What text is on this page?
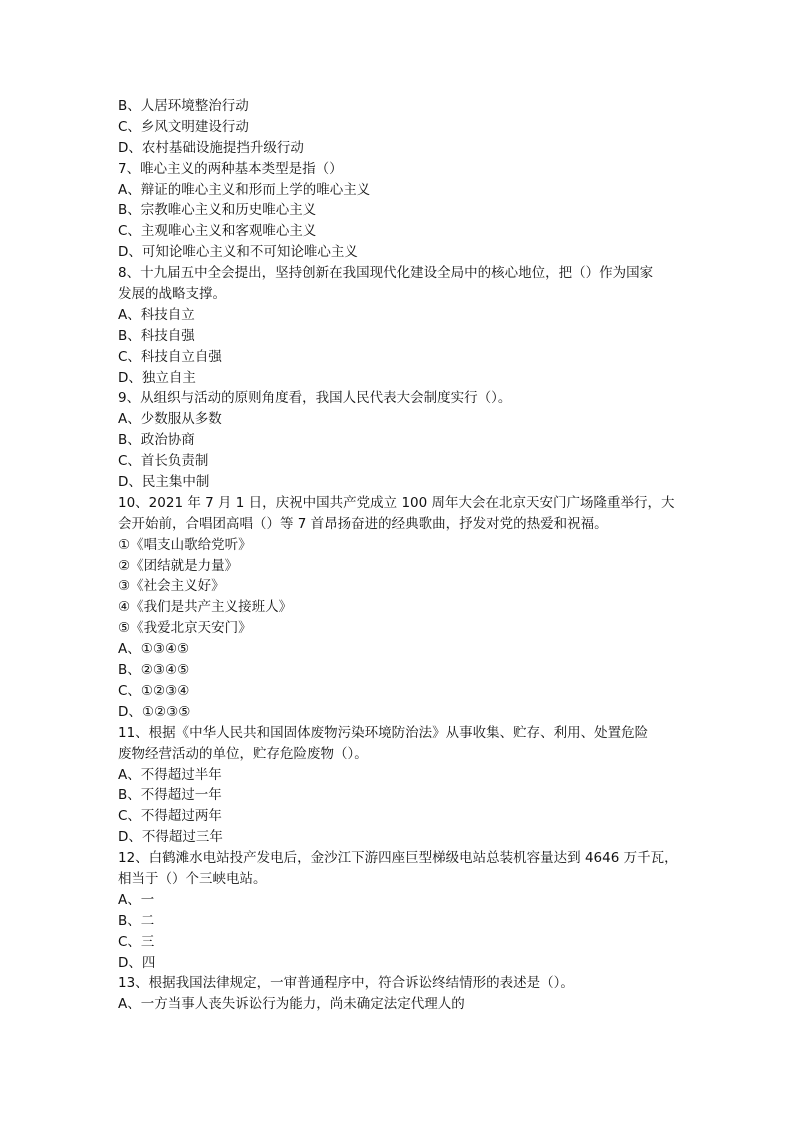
B、人居环境整治行动
C、乡风文明建设行动
D、农村基础设施提挡升级行动
7、唯心主义的两种基本类型是指（）
A、辩证的唯心主义和形而上学的唯心主义
B、宗教唯心主义和历史唯心主义
C、主观唯心主义和客观唯心主义
D、可知论唯心主义和不可知论唯心主义
8、十九届五中全会提出，坚持创新在我国现代化建设全局中的核心地位，把（）作为国家
发展的战略支撑。
A、科技自立
B、科技自强
C、科技自立自强
D、独立自主
9、从组织与活动的原则角度看，我国人民代表大会制度实行（）。
A、少数服从多数
B、政治协商
C、首长负责制
D、民主集中制
10、2021 年 7 月 1 日，庆祝中国共产党成立 100 周年大会在北京天安门广场隆重举行，大
会开始前，合唱团高唱（）等 7 首昂扬奋进的经典歌曲，抒发对党的热爱和祝福。
①《唱支山歌给党听》
②《团结就是力量》
③《社会主义好》
④《我们是共产主义接班人》
⑤《我爱北京天安门》
A、①③④⑤
B、②③④⑤
C、①②③④
D、①②③⑤
11、根据《中华人民共和国固体废物污染环境防治法》从事收集、贮存、利用、处置危险
废物经营活动的单位，贮存危险废物（）。
A、不得超过半年
B、不得超过一年
C、不得超过两年
D、不得超过三年
12、白鹤滩水电站投产发电后，金沙江下游四座巨型梯级电站总装机容量达到 4646 万千瓦，
相当于（）个三峡电站。
A、一
B、二
C、三
D、四
13、根据我国法律规定，一审普通程序中，符合诉讼终结情形的表述是（）。
A、一方当事人丧失诉讼行为能力，尚未确定法定代理人的
